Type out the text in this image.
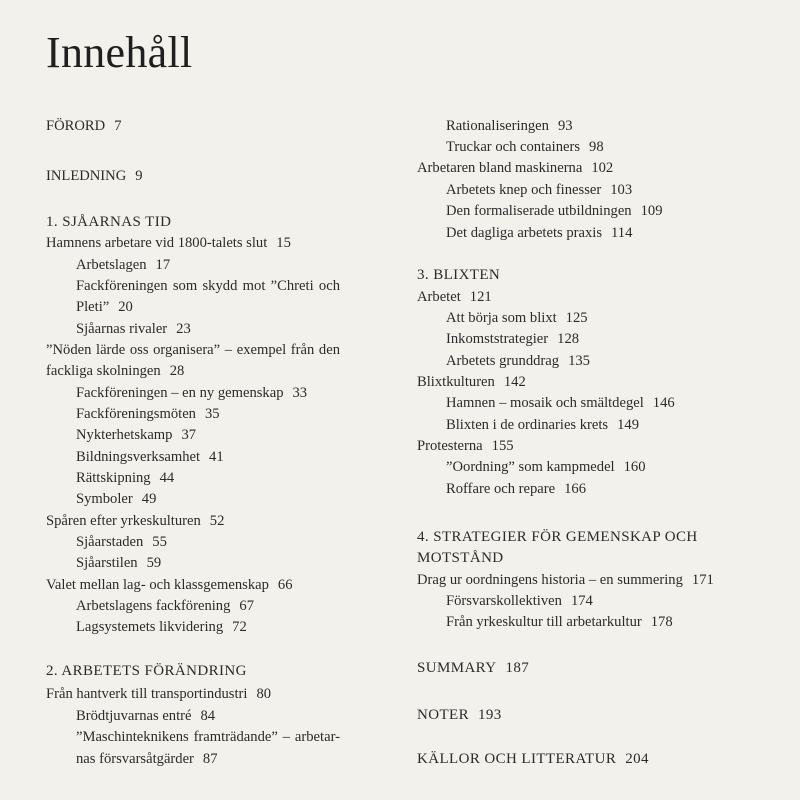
Innehåll
FÖRORD 7
INLEDNING 9
1. SJÅARNAS TID
Hamnens arbetare vid 1800-talets slut 15
Arbetslagen 17
Fackföreningen som skydd mot ”Chreti och
Pleti” 20
Sjåarnas rivaler 23
”Nöden lärde oss organisera” – exempel från den
fackliga skolningen 28
Fackföreningen – en ny gemenskap 33
Fackföreningsmöten 35
Nykterhetskamp 37
Bildningsverksamhet 41
Rättskipning 44
Symboler 49
Spåren efter yrkeskulturen 52
Sjåarstaden 55
Sjåarstilen 59
Valet mellan lag- och klassgemenskap 66
Arbetslagens fackförening 67
Lagsystemets likvidering 72
2. ARBETETS FÖRÄNDRING
Från hantverk till transportindustri 80
Brödtjuvarnas entré 84
”Maschinteknikens framträdande” – arbetar-
nas försvarsåtgärder 87
Rationaliseringen 93
Truckar och containers 98
Arbetaren bland maskinerna 102
Arbetets knep och finesser 103
Den formaliserade utbildningen 109
Det dagliga arbetets praxis 114
3. BLIXTEN
Arbetet 121
Att börja som blixt 125
Inkomststrategier 128
Arbetets grunddrag 135
Blixtkulturen 142
Hamnen – mosaik och smältdegel 146
Blixten i de ordinaries krets 149
Protesterna 155
”Oordning” som kampmedel 160
Roffare och repare 166
4. STRATEGIER FÖR GEMENSKAP OCH
MOTSTÅND
Drag ur oordningens historia – en summering 171
Försvarskollektiven 174
Från yrkeskultur till arbetarkultur 178
SUMMARY 187
NOTER 193
KÄLLOR OCH LITTERATUR 204
